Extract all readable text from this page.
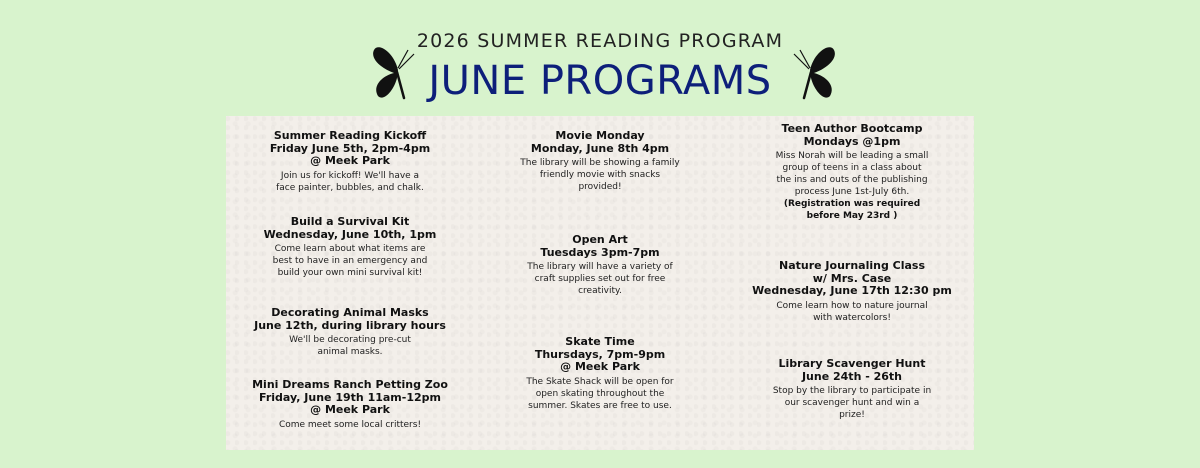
2026 SUMMER READING PROGRAM
JUNE PROGRAMS
Summer Reading Kickoff
Friday June 5th, 2pm-4pm
@ Meek Park
Join us for kickoff! We'll have a
face painter, bubbles, and chalk.
Build a Survival Kit
Wednesday, June 10th, 1pm
Come learn about what items are
best to have in an emergency and
build your own mini survival kit!
Decorating Animal Masks
June 12th, during library hours
We'll be decorating pre-cut
animal masks.
Mini Dreams Ranch Petting Zoo
Friday, June 19th 11am-12pm
@ Meek Park
Come meet some local critters!
Movie Monday
Monday, June 8th 4pm
The library will be showing a family
friendly movie with snacks
provided!
Open Art
Tuesdays 3pm-7pm
The library will have a variety of
craft supplies set out for free
creativity.
Skate Time
Thursdays, 7pm-9pm
@ Meek Park
The Skate Shack will be open for
open skating throughout the
summer. Skates are free to use.
Teen Author Bootcamp
Mondays @1pm
Miss Norah will be leading a small
group of teens in a class about
the ins and outs of the publishing
process June 1st-July 6th.
(Registration was required
before May 23rd )
Nature Journaling Class
w/ Mrs. Case
Wednesday, June 17th 12:30 pm
Come learn how to nature journal
with watercolors!
Library Scavenger Hunt
June 24th - 26th
Stop by the library to participate in
our scavenger hunt and win a
prize!
